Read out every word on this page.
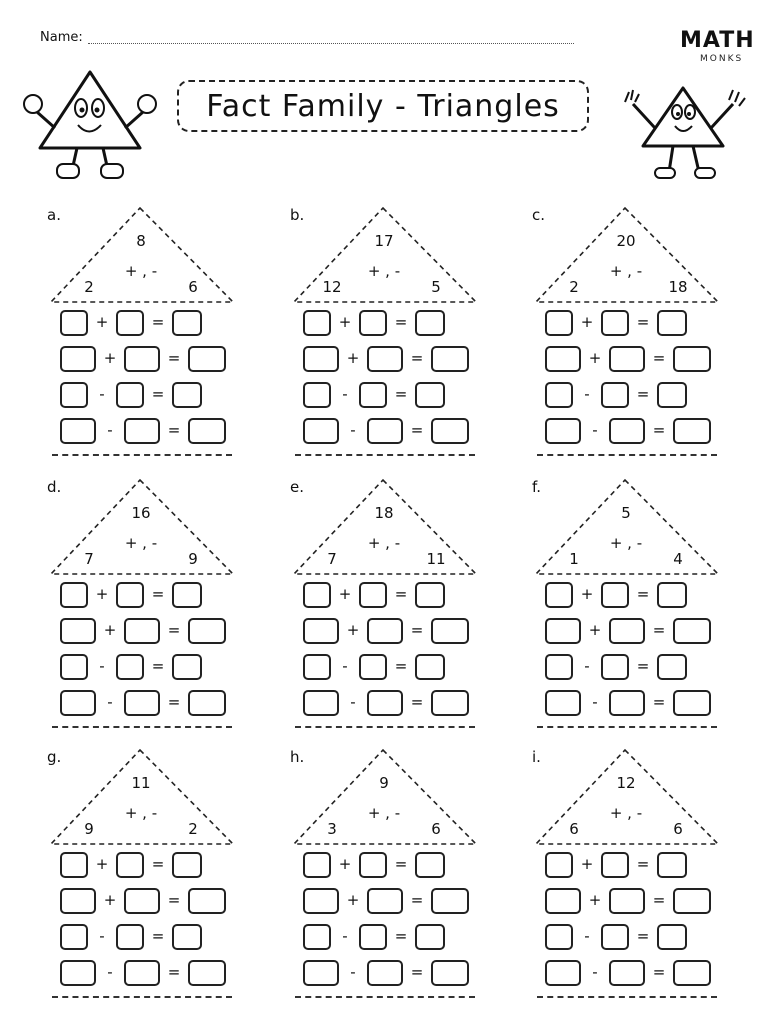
Name:	MATH
MONKS
Fact Family - Triangles
a.
8
+ , -
2	6
+	=
+	=
-	=
-	=
b.
17
+ , -
12	5
+	=
+	=
-	=
-	=
c.
20
+ , -
2	18
+	=
+	=
-	=
-	=
d.
16
+ , -
7	9
+	=
+	=
-	=
-	=
e.
18
+ , -
7	11
+	=
+	=
-	=
-	=
f.
5
+ , -
1	4
+	=
+	=
-	=
-	=
g.
11
+ , -
9	2
+	=
+	=
-	=
-	=
h.
9
+ , -
3	6
+	=
+	=
-	=
-	=
i.
12
+ , -
6	6
+	=
+	=
-	=
-	=
